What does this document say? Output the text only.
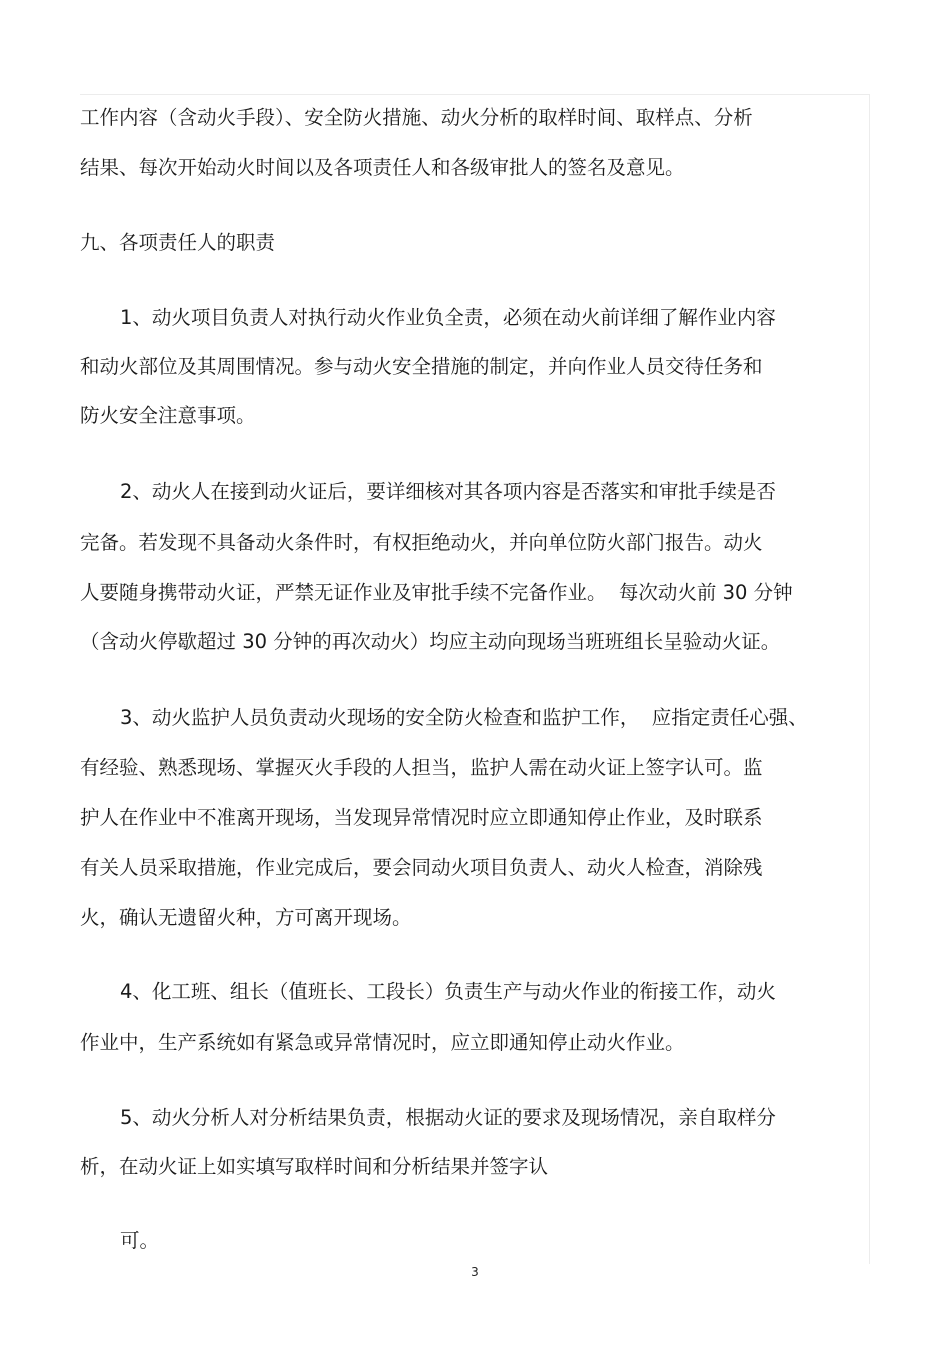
工作内容（含动火手段）、安全防火措施、动火分析的取样时间、取样点、分析

结果、每次开始动火时间以及各项责任人和各级审批人的签名及意见。

九、各项责任人的职责

1、动火项目负责人对执行动火作业负全责，必须在动火前详细了解作业内容

和动火部位及其周围情况。参与动火安全措施的制定，并向作业人员交待任务和

防火安全注意事项。

2、动火人在接到动火证后，要详细核对其各项内容是否落实和审批手续是否

完备。若发现不具备动火条件时，有权拒绝动火，并向单位防火部门报告。动火

人要随身携带动火证，严禁无证作业及审批手续不完备作业。  每次动火前 30 分钟

（含动火停歇超过 30 分钟的再次动火）均应主动向现场当班班组长呈验动火证。

3、动火监护人员负责动火现场的安全防火检查和监护工作，  应指定责任心强、

有经验、熟悉现场、掌握灭火手段的人担当，监护人需在动火证上签字认可。监

护人在作业中不准离开现场，当发现异常情况时应立即通知停止作业，及时联系

有关人员采取措施，作业完成后，要会同动火项目负责人、动火人检查，消除残

火，确认无遗留火种，方可离开现场。

4、化工班、组长（值班长、工段长）负责生产与动火作业的衔接工作，动火

作业中，生产系统如有紧急或异常情况时，应立即通知停止动火作业。

5、动火分析人对分析结果负责，根据动火证的要求及现场情况，亲自取样分

析，在动火证上如实填写取样时间和分析结果并签字认

可。

3
